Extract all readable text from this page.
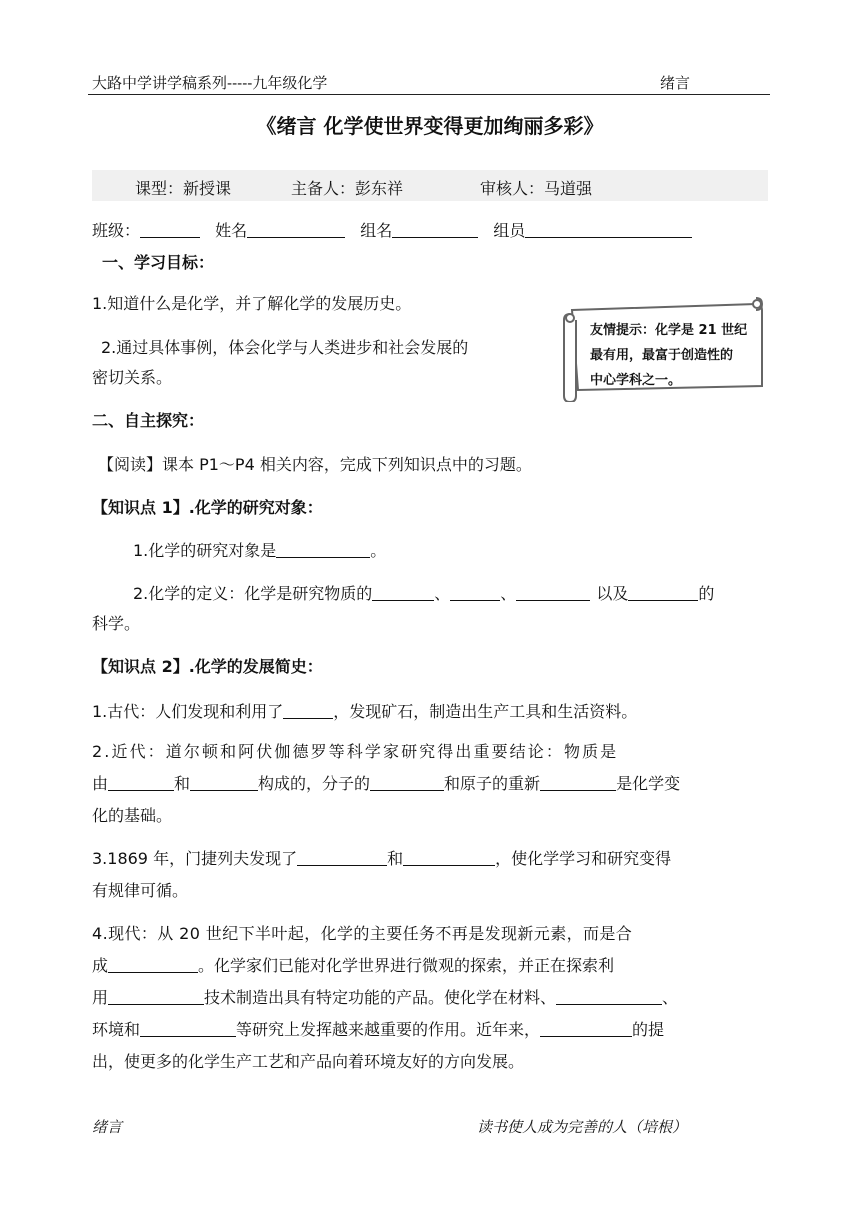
大路中学讲学稿系列-----九年级化学	绪言
《绪言 化学使世界变得更加绚丽多彩》
课型：新授课	主备人：彭东祥	审核人：马道强
班级：	姓名	组名	组员
一、学习目标：
1.知道什么是化学，并了解化学的发展历史。
2.通过具体事例，体会化学与人类进步和社会发展的
密切关系。
友情提示：化学是 21 世纪
最有用，最富于创造性的
中心学科之一。
二、自主探究：
【阅读】课本 P1～P4 相关内容，完成下列知识点中的习题。
【知识点 1】.化学的研究对象：
1.化学的研究对象是	。
2.化学的定义：化学是研究物质的	、	、	以及	的
科学。
【知识点 2】.化学的发展简史：
1.古代：人们发现和利用了	，发现矿石，制造出生产工具和生活资料。
2.近代：道尔顿和阿伏伽德罗等科学家研究得出重要结论：物质是
由	和	构成的，分子的	和原子的重新	是化学变
化的基础。
3.1869 年，门捷列夫发现了	和	，使化学学习和研究变得
有规律可循。
4.现代：从 20 世纪下半叶起，化学的主要任务不再是发现新元素，而是合
成	。化学家们已能对化学世界进行微观的探索，并正在探索利
用	技术制造出具有特定功能的产品。使化学在材料、	、
环境和	等研究上发挥越来越重要的作用。近年来，	的提
出，使更多的化学生产工艺和产品向着环境友好的方向发展。
绪言	读书使人成为完善的人（培根）
